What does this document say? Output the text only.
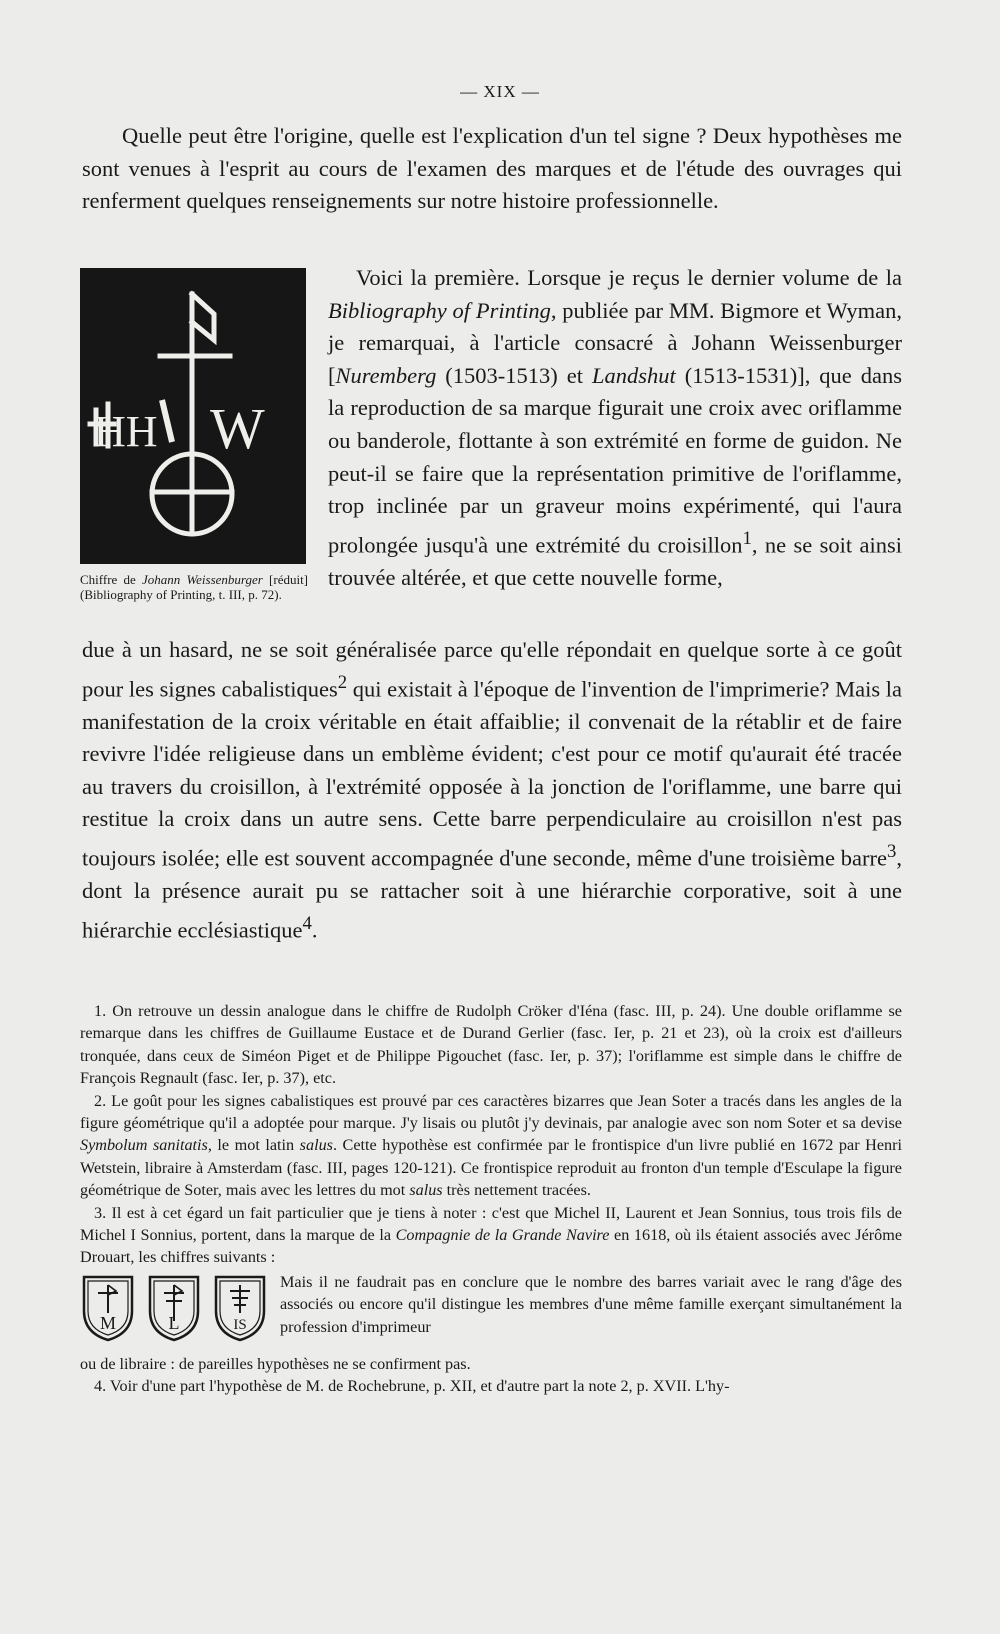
— XIX —
Quelle peut être l'origine, quelle est l'explication d'un tel signe ? Deux hypothèses me sont venues à l'esprit au cours de l'examen des marques et de l'étude des ouvrages qui renferment quelques renseignements sur notre histoire professionnelle.
HH W
Chiffre de Johann Weissenburger [réduit] (Bibliography of Printing, t. III, p. 72).
Voici la première. Lorsque je reçus le dernier volume de la Bibliography of Printing, publiée par MM. Bigmore et Wyman, je remarquai, à l'article consacré à Johann Weissenburger [Nuremberg (1503-1513) et Landshut (1513-1531)], que dans la reproduction de sa marque figurait une croix avec oriflamme ou banderole, flottante à son extrémité en forme de guidon. Ne peut-il se faire que la représentation primitive de l'oriflamme, trop inclinée par un graveur moins expérimenté, qui l'aura prolongée jusqu'à une extrémité du croisillon$^1$, ne se soit ainsi trouvée altérée, et que cette nouvelle forme,
due à un hasard, ne se soit généralisée parce qu'elle répondait en quelque sorte à ce goût pour les signes cabalistiques$^2$ qui existait à l'époque de l'invention de l'imprimerie? Mais la manifestation de la croix véritable en était affaiblie; il convenait de la rétablir et de faire revivre l'idée religieuse dans un emblème évident; c'est pour ce motif qu'aurait été tracée au travers du croisillon, à l'extrémité opposée à la jonction de l'oriflamme, une barre qui restitue la croix dans un autre sens. Cette barre perpendiculaire au croisillon n'est pas toujours isolée; elle est souvent accompagnée d'une seconde, même d'une troisième barre$^3$, dont la présence aurait pu se rattacher soit à une hiérarchie corporative, soit à une hiérarchie ecclésiastique$^4$.

1. On retrouve un dessin analogue dans le chiffre de Rudolph Cröker d'Iéna (fasc. III, p. 24). Une double oriflamme se remarque dans les chiffres de Guillaume Eustace et de Durand Gerlier (fasc. Ier, p. 21 et 23), où la croix est d'ailleurs tronquée, dans ceux de Siméon Piget et de Philippe Pigouchet (fasc. Ier, p. 37); l'oriflamme est simple dans le chiffre de François Regnault (fasc. Ier, p. 37), etc.

2. Le goût pour les signes cabalistiques est prouvé par ces caractères bizarres que Jean Soter a tracés dans les angles de la figure géométrique qu'il a adoptée pour marque. J'y lisais ou plutôt j'y devinais, par analogie avec son nom Soter et sa devise Symbolum sanitatis, le mot latin salus. Cette hypothèse est confirmée par le frontispice d'un livre publié en 1672 par Henri Wetstein, libraire à Amsterdam (fasc. III, pages 120-121). Ce frontispice reproduit au fronton d'un temple d'Esculape la figure géométrique de Soter, mais avec les lettres du mot salus très nettement tracées.

3. Il est à cet égard un fait particulier que je tiens à noter : c'est que Michel II, Laurent et Jean Sonnius, tous trois fils de Michel I Sonnius, portent, dans la marque de la Compagnie de la Grande Navire en 1618, où ils étaient associés avec Jérôme Drouart, les chiffres suivants :

M	L	IS
Mais il ne faudrait pas en conclure que le nombre des barres variait avec le rang d'âge des associés ou encore qu'il distingue les membres d'une même famille exerçant simultanément la profession d'imprimeur

ou de libraire : de pareilles hypothèses ne se confirment pas.

4. Voir d'une part l'hypothèse de M. de Rochebrune, p. XII, et d'autre part la note 2, p. XVII. L'hy-
